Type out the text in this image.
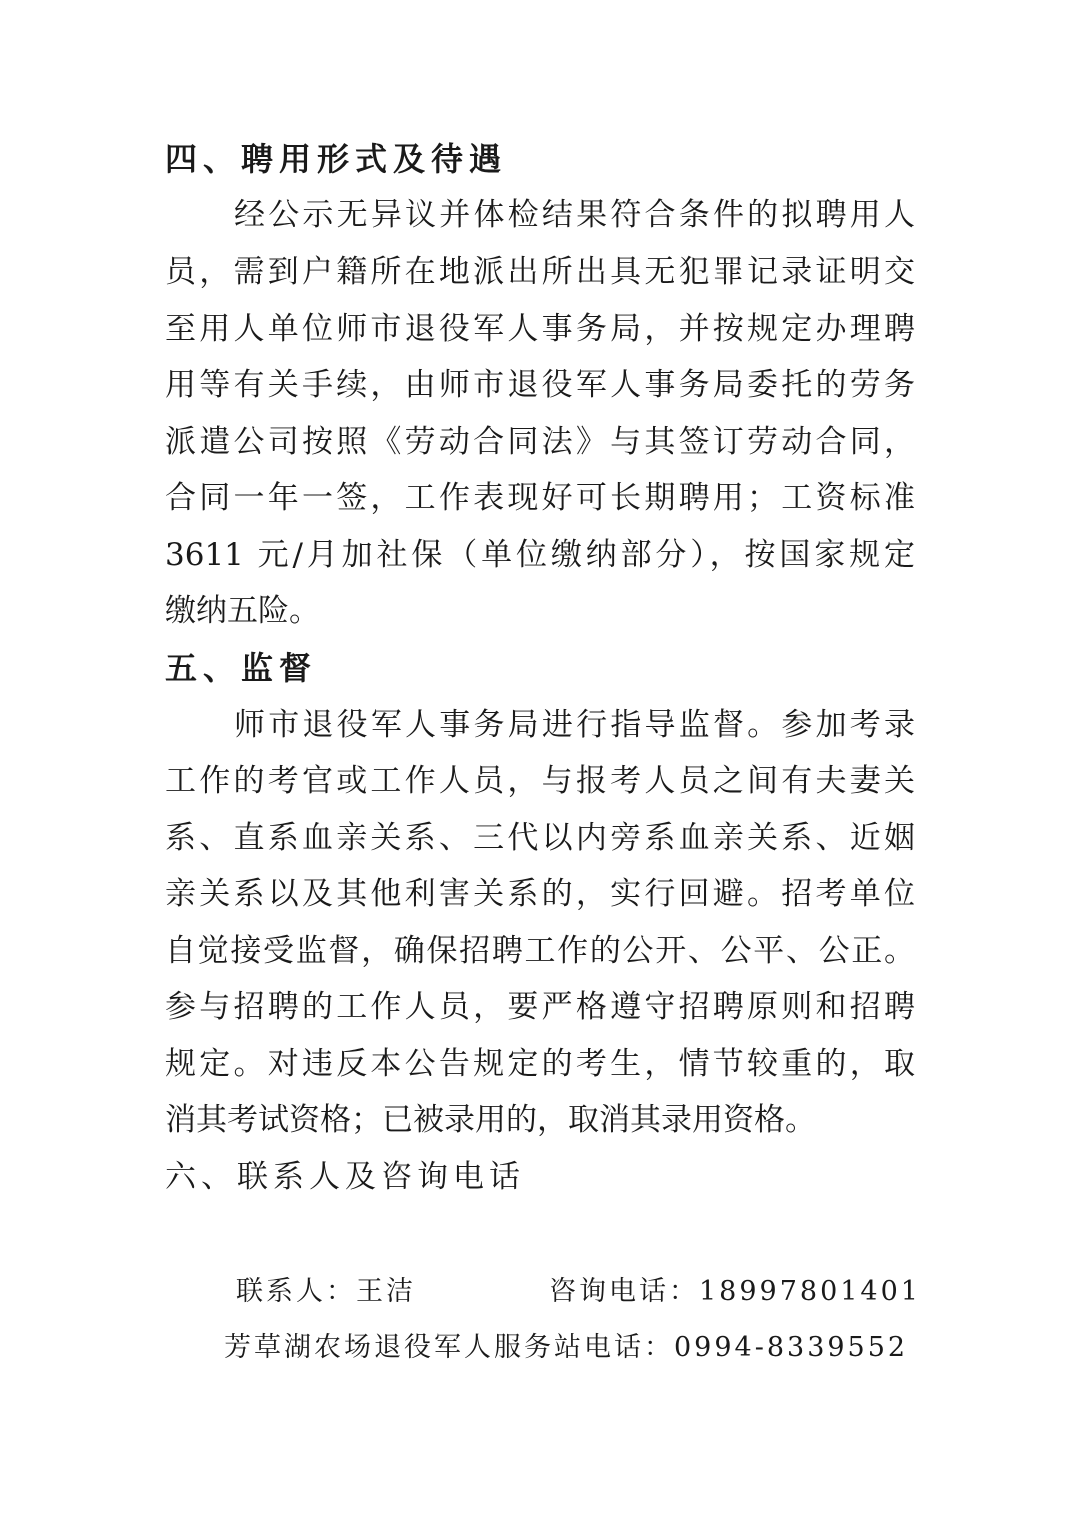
四、聘用形式及待遇
经公示无异议并体检结果符合条件的拟聘用人
员，需到户籍所在地派出所出具无犯罪记录证明交
至用人单位师市退役军人事务局，并按规定办理聘
用等有关手续，由师市退役军人事务局委托的劳务
派遣公司按照《劳动合同法》与其签订劳动合同，
合同一年一签，工作表现好可长期聘用；工资标准
3611 元/月加社保（单位缴纳部分），按国家规定
缴纳五险。
五、监督
师市退役军人事务局进行指导监督。参加考录
工作的考官或工作人员，与报考人员之间有夫妻关
系、直系血亲关系、三代以内旁系血亲关系、近姻
亲关系以及其他利害关系的，实行回避。招考单位
自觉接受监督，确保招聘工作的公开、公平、公正。
参与招聘的工作人员，要严格遵守招聘原则和招聘
规定。对违反本公告规定的考生，情节较重的，取
消其考试资格；已被录用的，取消其录用资格。
六、联系人及咨询电话
联系人：王洁	咨询电话：18997801401
芳草湖农场退役军人服务站电话：0994-8339552
